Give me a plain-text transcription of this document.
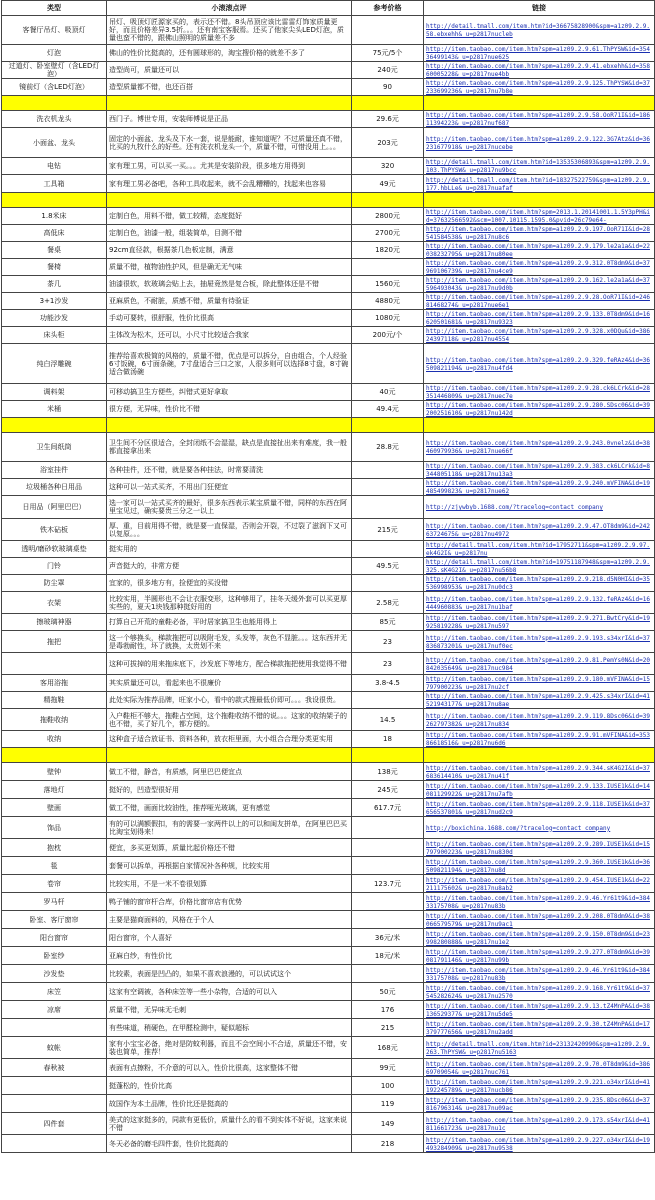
类型	小滚滚点评	参考价格	链接
客餐厅吊灯、吸顶灯	吊灯、吸顶灯匠源家买的，表示还不错。8头吊顶应该比雷雷灯饰家质量更好，而且价格差异3.5折。。。还有南宝客服焉。还买了他家尖头LED灯泡，质量也蛮不错的，跟佛山照明的质量差不多		http://detail.tmall.com/item.htm?id=36675828900&spm=a1z09.2.9.58.ebxehh&_u=p2817nucleb
灯泡	佛山的性价比挺高的，还有圆球形的，淘宝搜价格的就差不多了	75元/5个	http://item.taobao.com/item.htm?spm=a1z09.2.9.61.ThPYSW&id=35436499143&_u=p2817nue625
过道灯、卧室壁灯（含LED灯泡）	造型尚可，质量还可以	240元	http://item.taobao.com/item.htm?spm=a1z09.2.9.41.ebxehh&id=35860005228&_u=p2817nue4bb
镜前灯（含LED灯泡）	造型质量都不错，也还百搭	90	http://item.taobao.com/item.htm?spm=a1z09.2.9.125.ThPYSW&id=37233699236&_u=p2817nu7b8e

洗衣机龙头	西门子。博世专用，安装师傅说是正品	29.6元	http://item.taobao.com/item.htm?spm=a1z09.2.9.58.OoR71I&id=18611394223&_u=p2817nuf687
小面盆、龙头	固定的小面盆、龙头及下水一套，说是能耐，谁知道呢？不过质量还真不错，比买的九牧什么的好些。还有洗衣机龙头一个，质量不错，可惜没用上。。。	203元	http://item.taobao.com/item.htm?spm=a1z09.2.9.122.3G7Atz&id=36231677918&_u=p2817nucebe
电钻	家有理工男，可以买一买。。。尤其是安装阶段，很多地方用得到	320	http://detail.tmall.com/item.htm?id=13535306893&spm=a1z09.2.9.103.ThPYSW&_u=p2817nu9bcc
工具箱	家有理工男必备吧，各种工具收起来，就不会乱糟糟的，找起来也容易	49元	http://detail.tmall.com/item.htm?id=18327522759&spm=a1z09.2.9.177.hbLLe&_u=p2817nuafaf

1.8米床	定制白色，用料不错，做工较精，态度挺好	2800元	http://item.taobao.com/item.htm?spm=2013.1.20141001.1.5Y3pPH&id=37632566592&scm=1007.10115.1595.0&pvid=26c79e64-
高低床	定制白色，油漆一般，组装简单，目测不错	2700元	http://item.taobao.com/item.htm?spm=a1z09.2.9.197.OoR71I&id=28541584538&_u=p2817nu8c6
餐桌	92cm直径款，根据茶几色板定制，满意	1820元	http://item.taobao.com/item.htm?spm=a1z09.2.9.179.le2a1a&id=22038232795&_u=p2817nu80ee
餐椅	质量不错，植物油性护风，但是确无无气味		http://item.taobao.com/item.htm?spm=a1z09.2.9.312.0T8dm9&id=37969106739&_u=p2817nu4ce9
茶几	油漆很软，软玻璃会贴上去，抽屉竟然是复合板，除此整体还是不错	1560元	http://item.taobao.com/item.htm?spm=a1z09.2.9.162.le2a1a&id=37596493043&_u=p2817nu9d0b
3+1沙发	亚麻质色，不耐脏，质感不错，质量有待验证	4880元	http://item.taobao.com/item.htm?spm=a1z09.2.9.28.OoR71I&id=24681468274&_u=p2817nue6e1
功能沙发	手动可要转，很舒服，性价比很高	1080元	http://item.taobao.com/item.htm?spm=a1z09.2.9.133.0T8dm9&id=16620501681&_u=p2817nu9323
床头柜	主体改为松木，还可以，小尺寸比较适合我家	200元/个	http://item.taobao.com/item.htm?spm=a1z09.2.9.328.x0DQu&id=38624397118&_u=p2817nu4554
纯白浮雕碗	推荐给喜欢极简的风格的，质量不错，优点是可以拆分，自由组合，个人经验6寸饭碗，6寸面条碗，7寸盘适合三口之家，人很多则可以选择8寸盘，8寸碗适合做汤碗		http://item.taobao.com/item.htm?spm=a1z09.2.9.329.feRAz4&id=36509821194&_u=p2817nu4fd4
调料架	可移动搞卫生方便些，纠错式更好拿取	40元	http://item.taobao.com/item.htm?spm=a1z09.2.9.28.ck6LCrk&id=28351446809&_u=p2817nuec7e
米桶	很方便，无异味，性价比不错	49.4元	http://item.taobao.com/item.htm?spm=a1z09.2.9.280.SDsc06&id=39200251610&_u=p2817nu142d

卫生间纸筒	卫生间不分区很适合，全封闭纸不会湿湿，缺点是直接扯出来有难度，我一般都直接拿出来	28.8元	http://item.taobao.com/item.htm?spm=a1z09.2.9.243.0vnelz&id=38460979936&_u=p2817nue66f
浴室挂件	各种挂件，还不错，就是要各种挂法，时常要清洗		http://item.taobao.com/item.htm?spm=a1z09.2.9.383.ck6LCrk&id=8344805118&_u=p2817nu13a3
垃圾桶各种日用品	这种可以一站式买齐，不用出门狂便宜		http://item.taobao.com/item.htm?spm=a1z09.2.9.240.mVFINA&id=19485499823&_u=p2817nue62
日用品（阿里巴巴）	选一家可以一站式买齐的最好，很多东西表示某宝质量不错，同样的东西在阿里宝见过，确实要贵三分之一以上		http://zjywbyb.1688.com/?tracelog=contact_company
铁木砧板	厚、重，目前用得不错，就是要一直保湿，否则会开裂，不过裂了滋润下又可以复原。。。	215元	http://item.taobao.com/item.htm?spm=a1z09.2.9.47.OT8dm9&id=24263724675&_u=p2817nu4972
透明/磨砂软玻璃桌垫	挺实用的		http://detail.tmall.com/item.htm?id=17952711&spm=a1z09.2.9.97.ek4G2I&_u=p2817nu
门铃	声音挺大的，非常方便	49.5元	http://detail.tmall.com/item.htm?id=19751187948&spm=a1z09.2.9.325.sK4G2I&_u=p2817nu56b8
防尘罩	宜家的，很多地方有，捡便宜的买没错		http://item.taobao.com/item.htm?spm=a1z09.2.9.218.d5N0HI&id=35536998953&_u=p2817nu0dc3
衣架	比较实用，半圆形也不会让衣服变形，这种够用了，挂冬天缓外套可以买更厚实些的，夏天1块钱那种挺好用的	2.58元	http://item.taobao.com/item.htm?spm=a1z09.2.9.132.feRAz4&id=16444960883&_u=p2817nu1baf
擦玻璃神器	打算自己开荒的童鞋必备，平时居家搞卫生也能用得上	85元	http://item.taobao.com/item.htm?spm=a1z09.2.9.271.BwtCry&id=19925819228&_u=p2817nu597
拖把	这一个够换头，梯款拖把可以吸附毛发，头发等，灰色不显脏。。。这东西并无是毒勃耐性，坏了就换，太贵划不来	23	http://item.taobao.com/item.htm?spm=a1z09.2.9.193.s34xrI&id=37836873201&_u=p2817nuf0ec
	这种可拔掉的用来拖床底下，沙发底下等地方，配合梯款拖把使用我觉得不错	23	http://item.taobao.com/item.htm?spm=a1z09.2.9.81.PemYs0N&id=20842035649&_u=p2817nuc984
客用浴拖	其实质量还可以，看起来也不很廉价	3.8-4.5	http://item.taobao.com/item.htm?spm=a1z09.2.9.180.mVFINA&id=15797900223&_u=p2817nu2cf
精拖鞋	此处实际为推荐品牌，旺家小心，看中的款式搜最低价即可。。。我设很贵。		http://item.taobao.com/item.htm?spm=a1z09.2.9.425.s34xrI&id=41521943177&_u=p2817nu8ae
拖鞋收纳	入户鞋柜不够大，拖鞋占空间，这个拖鞋收纳不错的说。。。这家的收纳架子的也不错，买了好几个，都方便的。	14.5	http://item.taobao.com/item.htm?spm=a1z09.2.9.119.8Dsc06&id=39262797382&_u=p2817nu834
收纳	这种盒子适合放证书、资料各种，放衣柜里面，大小组合合理分类更实用	18	http://item.taobao.com/item.htm?spm=a1z09.2.9.91.mVFINA&id=35386618516&_u=p2817nu6d6

壁钟	做工不错，静音，有质感，阿里巴巴便宜点	138元	http://item.taobao.com/item.htm?spm=a1z09.2.9.344.sK4G2I&id=37683614410&_u=p2817nu41f
落地灯	挺好的，凹造型很好用	245元	http://item.taobao.com/item.htm?spm=a1z09.2.9.133.IUSE1k&id=14081129922&_u=p2817nu7afb
壁画	做工不错，画面比较油性，推荐哑光玻璃，更有感觉	617.7元	http://item.taobao.com/item.htm?spm=a1z09.2.9.118.IUSE1k&id=37656537801&_u=p2817nud2c9
饰品	有的可以满额假扣，有的需要一家两件以上的可以和闺友拼单，在阿里巴巴买比淘宝划得来！		http://boxichina.1688.com/?tracelog=contact_company
抱枕	便宜，多买更划算，质量比起价格还不错		http://item.taobao.com/item.htm?spm=a1z09.2.9.289.IUSE1k&id=15797900223&_u=p2817nu830d
毯	套餐可以拆单，再根据自家情况补各种规，比较实用		http://item.taobao.com/item.htm?spm=a1z09.2.9.360.IUSE1k&id=36509821194&_u=p2817nu8d
卷帘	比较实用，不是一米不卷很划算	123.7元	http://item.taobao.com/item.htm?spm=a1z09.2.9.454.IUSE1k&id=22211175602&_u=p2817nu8ab2
罗马杆	鸭子铺的窗帘杆合库，价格比窗帘店有优势		http://item.taobao.com/item.htm?spm=a1z09.2.9.46.Yr61t9&id=38433175708&_u=p2817nu83b
卧室、客厅窗帘	主要是猫商面料的，风格在于个人		http://item.taobao.com/item.htm?spm=a1z09.2.9.208.0T8dm9&id=38066579579&_u=p2817nu9ac1
阳台窗帘	阳台窗帘，个人喜好	36元/米	http://item.taobao.com/item.htm?spm=a1z09.2.9.150.0T8dm9&id=23998280888&_u=p2817nu1e2
卧室纱	亚麻白纱，有性价比	18元/米	http://item.taobao.com/item.htm?spm=a1z09.2.9.277.0T8dm9&id=39081791146&_u=p2817nu99b
沙发垫	比较素，表面是凹凸的，如果不喜欢浪漫的，可以试试这个		http://item.taobao.com/item.htm?spm=a1z09.2.9.46.Yr61t9&id=38433175708&_u=p2817nu83b
床笠	这家有空调被，各种床笠等一些小杂物，合适的可以入	50元	http://item.taobao.com/item.htm?spm=a1z09.2.9.168.Yr61t9&id=37545282624&_u=p2817nu2570
凉席	质量不错，无异味无毛刺	176	http://item.taobao.com/item.htm?spm=a1z09.2.9.13.tZ4MnPA&id=38136529377&_u=p2817nu5de5
	有些味道，稍硬色，在甲醛检测中，疑似超标	215	http://item.taobao.com/item.htm?spm=a1z09.2.9.30.tZ4MnPA&id=17379777656&_u=p2817nu2add
蚊帐	家有小宝宝必备，绝对是防蚊利器，而且不会空间小不合适，质量还不错，安装也简单，推荐！	168元	http://detail.tmall.com/item.htm?id=23132420990&spm=a1z09.2.9.263.ThPYSW&_u=p2817nu5163
春秋被	表面有点擦粉，不介意的可以入，性价比很高，这家整体不错	99元	http://item.taobao.com/item.htm?spm=a1z09.2.9.70.0T8dm9&id=38669709054&_u=p2817nuc761
	挺蓬松的，性价比高	100	http://item.taobao.com/item.htm?spm=a1z09.2.9.221.o34xrI&id=41192245789&_u=p2817nucb86
	故国作为本土品牌，性价比还是挺高的	119	http://item.taobao.com/item.htm?spm=a1z09.2.9.235.8Dsc06&id=37816796314&_u=p2817nu09ac
四件套	美式的这家挺多的，同款有更低价，质量什么的看不到实体不好说，这家来说不错	149	http://item.taobao.com/item.htm?spm=a1z09.2.9.173.s54xrI&id=41811661723&_u=p2817nu1c
	冬天必备的磨毛四件套，性价比挺高的	218	http://item.taobao.com/item.htm?spm=a1z09.2.9.227.o34xrI&id=19493284909&_u=p2817nu9538
